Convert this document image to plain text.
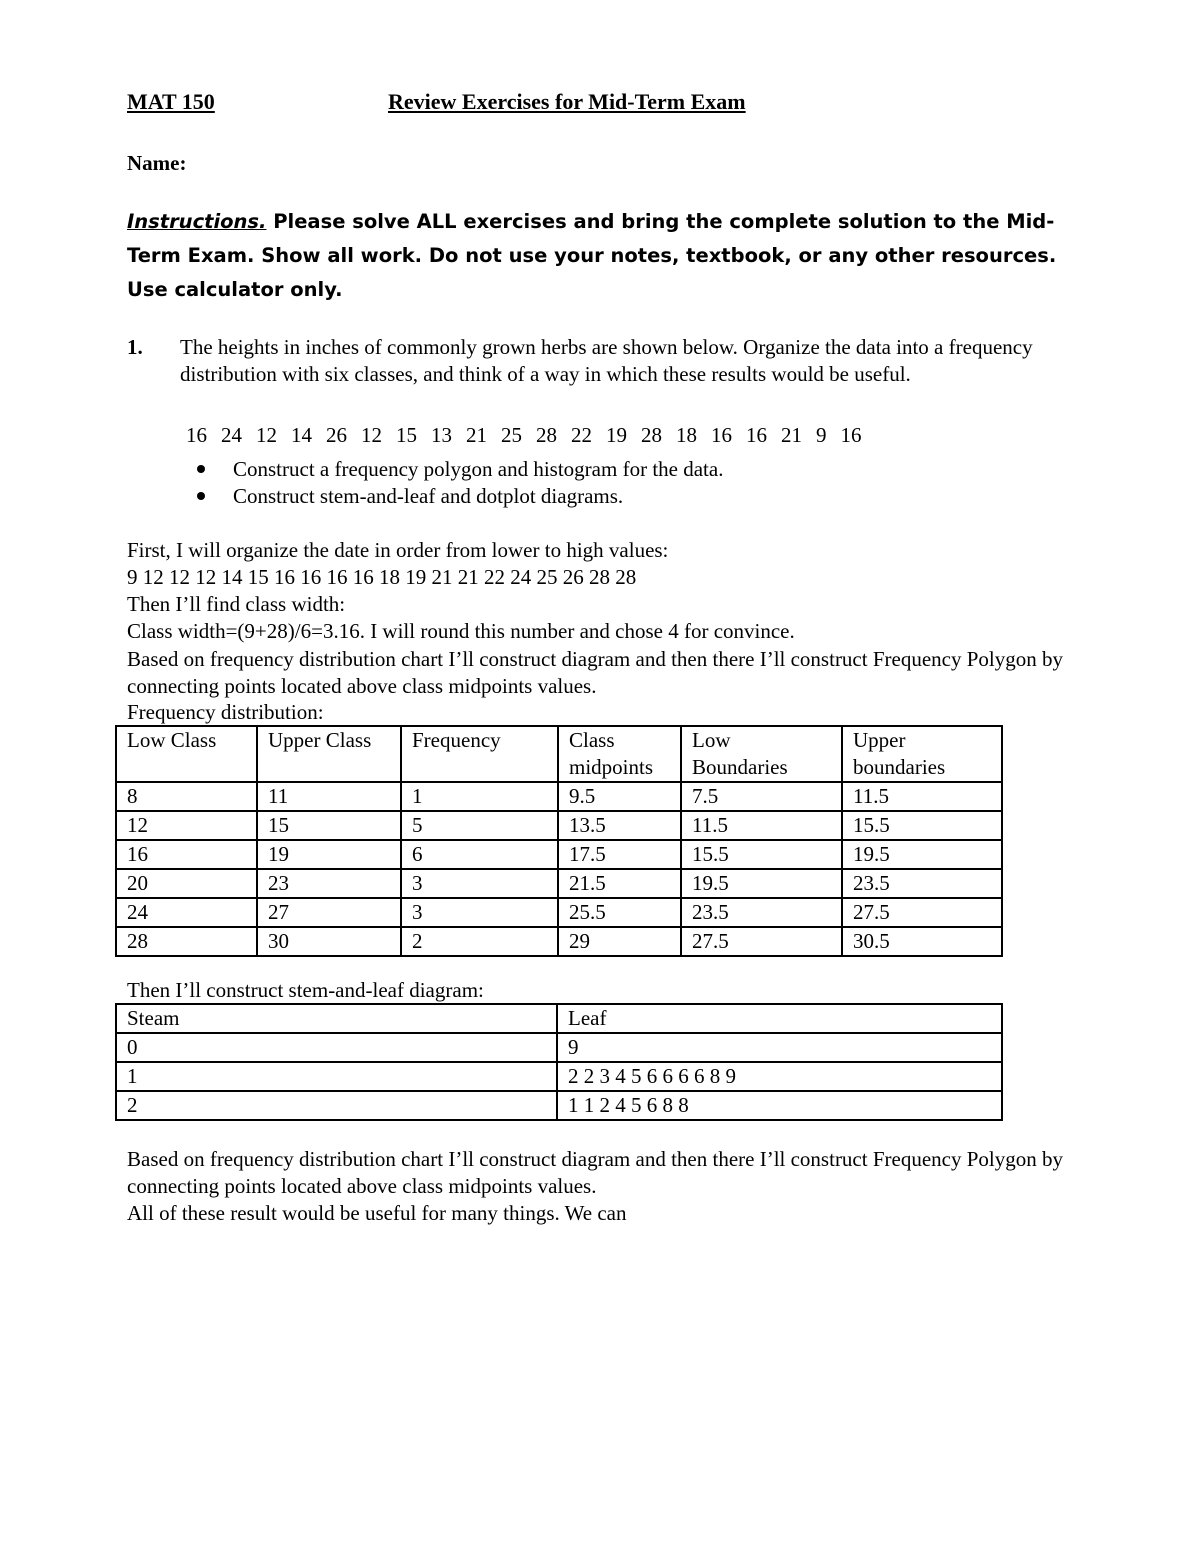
MAT 150	Review Exercises for Mid-Term Exam
Name:
Instructions. Please solve ALL exercises and bring the complete solution to the Mid-Term Exam. Show all work. Do not use your notes, textbook, or any other resources. Use calculator only.
1. The heights in inches of commonly grown herbs are shown below. Organize the data into a frequency distribution with six classes, and think of a way in which these results would be useful.
16 24 12 14 26 12 15 13 21 25 28 22 19 28 18 16 16 21 9 16
Construct a frequency polygon and histogram for the data.
Construct stem-and-leaf and dotplot diagrams.
First, I will organize the date in order from lower to high values:
9 12 12 12 14 15 16 16 16 16 18 19 21 21 22 24 25 26 28 28
Then I’ll find class width:
Class width=(9+28)/6=3.16. I will round this number and chose 4 for convince.
Based on frequency distribution chart I’ll construct diagram and then there I’ll construct Frequency Polygon by connecting points located above class midpoints values.
Frequency distribution:
Low Class	Upper Class	Frequency	Class midpoints	Low Boundaries	Upper boundaries
8	11	1	9.5	7.5	11.5
12	15	5	13.5	11.5	15.5
16	19	6	17.5	15.5	19.5
20	23	3	21.5	19.5	23.5
24	27	3	25.5	23.5	27.5
28	30	2	29	27.5	30.5
Then I’ll construct stem-and-leaf diagram:
Steam	Leaf
0	9
1	2 2 3 4 5 6 6 6 6 8 9
2	1 1 2 4 5 6 8 8
Based on frequency distribution chart I’ll construct diagram and then there I’ll construct Frequency Polygon by connecting points located above class midpoints values.
All of these result would be useful for many things. We can
